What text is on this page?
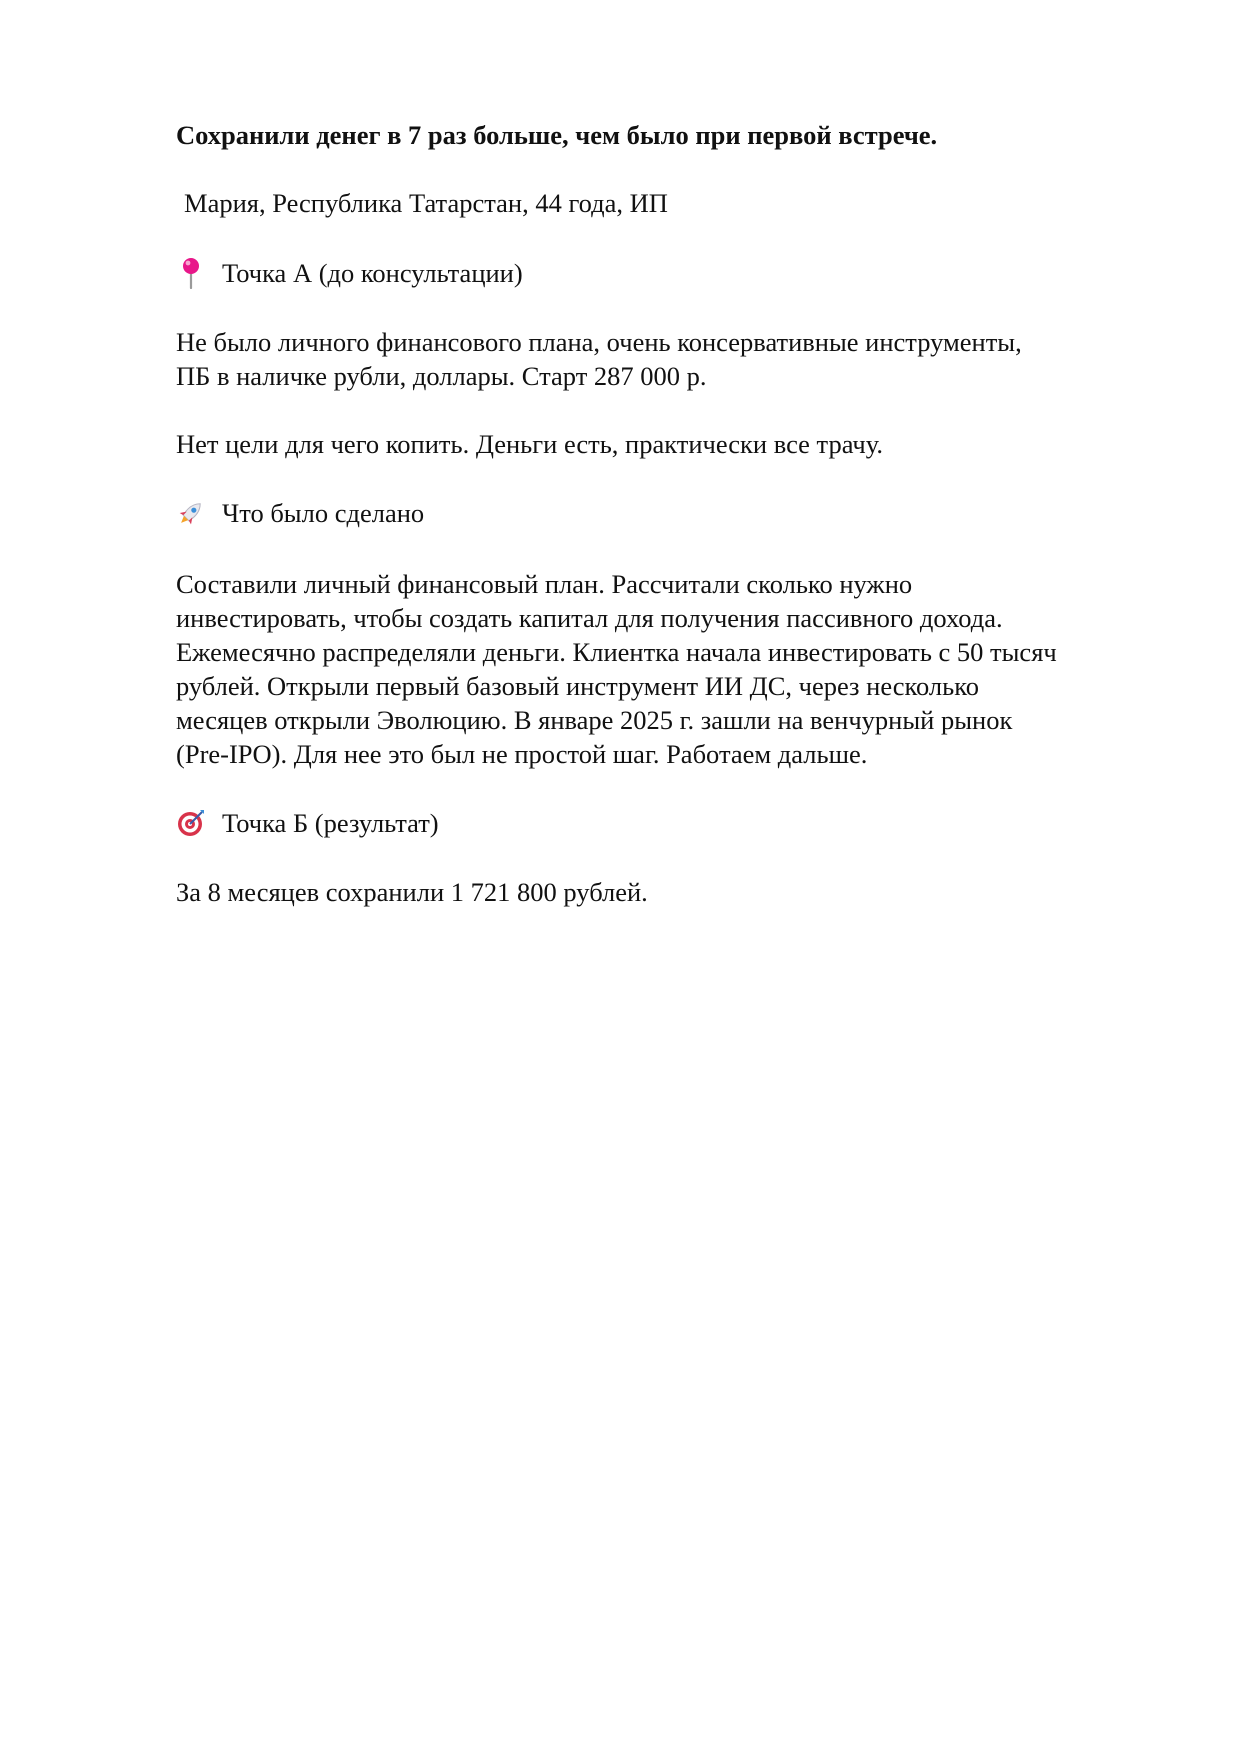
Сохранили денег в 7 раз больше, чем было при первой встрече.
Мария, Республика Татарстан, 44 года, ИП
Точка А (до консультации)
Не было личного финансового плана, очень консервативные инструменты,
ПБ в наличке рубли, доллары. Старт 287 000 р.
Нет цели для чего копить. Деньги есть, практически все трачу.
Что было сделано
Составили личный финансовый план. Рассчитали сколько нужно
инвестировать, чтобы создать капитал для получения пассивного дохода.
Ежемесячно распределяли деньги. Клиентка начала инвестировать с 50 тысяч
рублей. Открыли первый базовый инструмент ИИ ДС, через несколько
месяцев открыли Эволюцию. В январе 2025 г. зашли на венчурный рынок
(Pre-IPO). Для нее это был не простой шаг. Работаем дальше.
Точка Б (результат)
За 8 месяцев сохранили 1 721 800 рублей.
